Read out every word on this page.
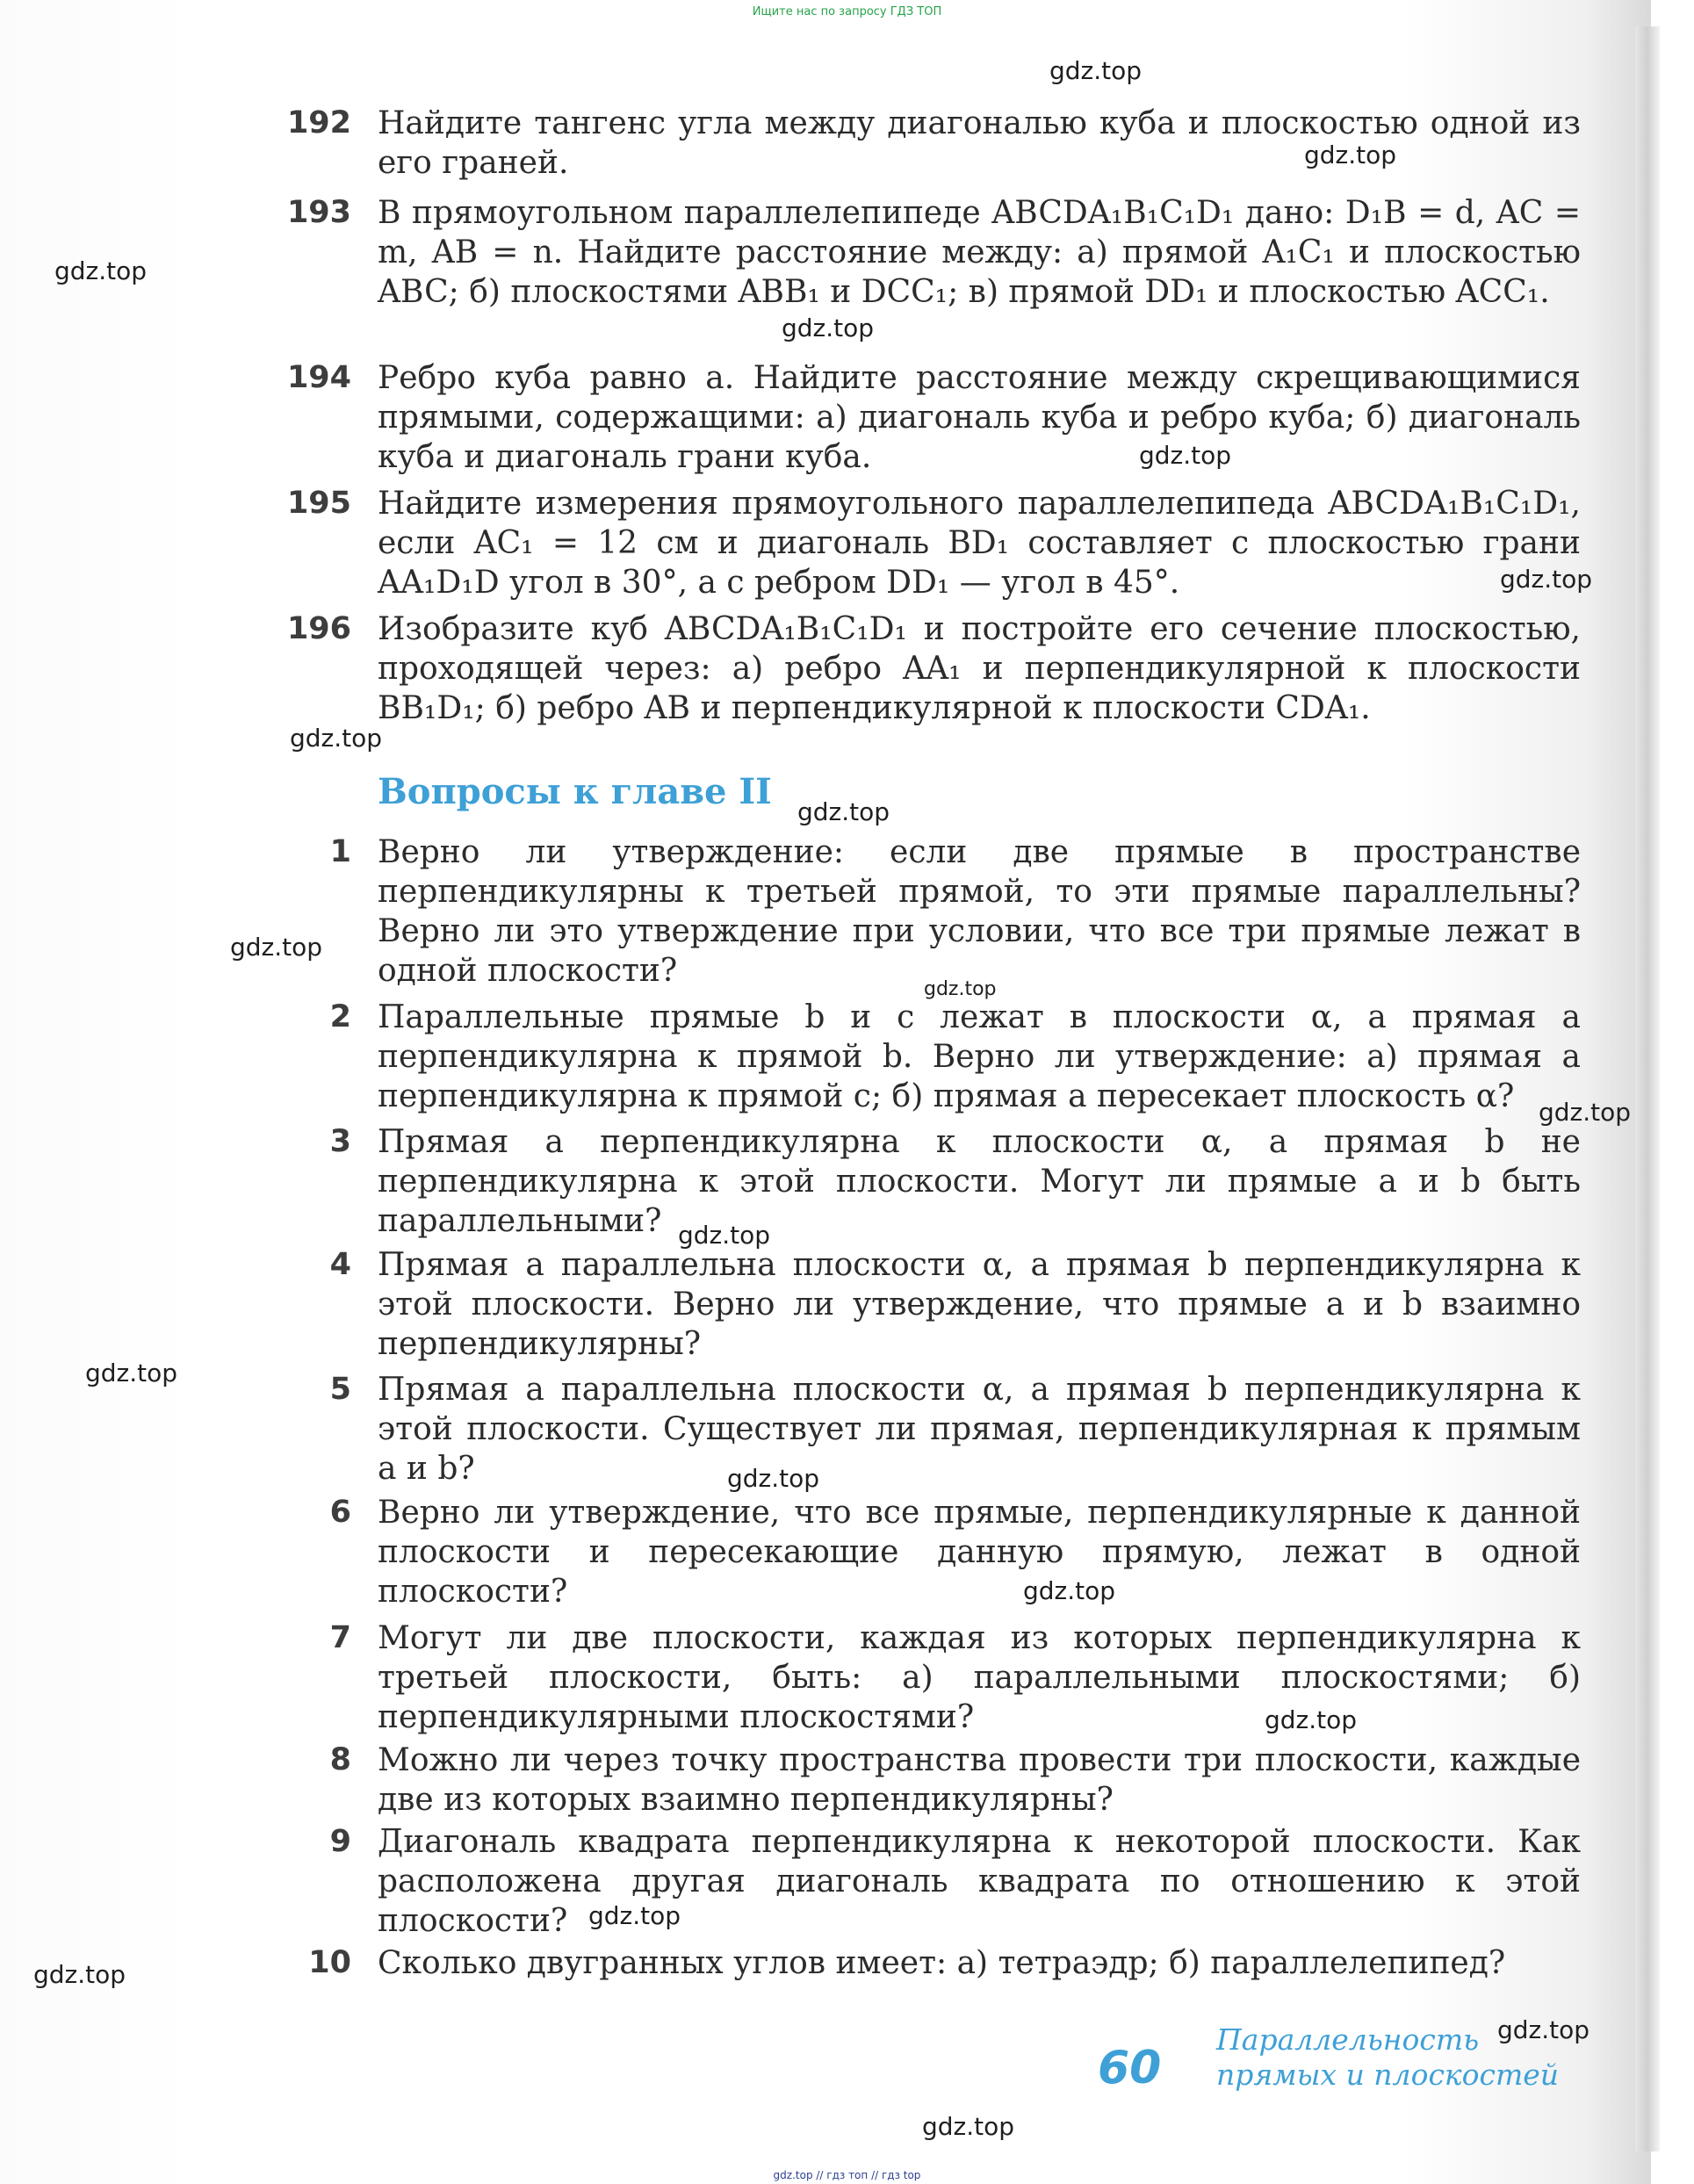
Ищите нас по запросу ГДЗ ТОП
192 Найдите тангенс угла между диагональю куба и плоскостью одной из его граней.
193 В прямоугольном параллелепипеде ABCDA₁B₁C₁D₁ дано: D₁B = d, AC = m, AB = n. Найдите расстояние между: а) прямой A₁C₁ и плоскостью ABC; б) плоскостями ABB₁ и DCC₁; в) прямой DD₁ и плоскостью ACC₁.
194 Ребро куба равно a. Найдите расстояние между скрещивающимися прямыми, содержащими: а) диагональ куба и ребро куба; б) диагональ куба и диагональ грани куба.
195 Найдите измерения прямоугольного параллелепипеда ABCDA₁B₁C₁D₁, если AC₁ = 12 см и диагональ BD₁ составляет с плоскостью грани AA₁D₁D угол в 30°, а с ребром DD₁ — угол в 45°.
196 Изобразите куб ABCDA₁B₁C₁D₁ и постройте его сечение плоскостью, проходящей через: а) ребро AA₁ и перпендикулярной к плоскости BB₁D₁; б) ребро AB и перпендикулярной к плоскости CDA₁.
Вопросы к главе II
1 Верно ли утверждение: если две прямые в пространстве перпендикулярны к третьей прямой, то эти прямые параллельны? Верно ли это утверждение при условии, что все три прямые лежат в одной плоскости?
2 Параллельные прямые b и c лежат в плоскости α, а прямая a перпендикулярна к прямой b. Верно ли утверждение: а) прямая a перпендикулярна к прямой c; б) прямая a пересекает плоскость α?
3 Прямая a перпендикулярна к плоскости α, а прямая b не перпендикулярна к этой плоскости. Могут ли прямые a и b быть параллельными?
4 Прямая a параллельна плоскости α, а прямая b перпендикулярна к этой плоскости. Верно ли утверждение, что прямые a и b взаимно перпендикулярны?
5 Прямая a параллельна плоскости α, а прямая b перпендикулярна к этой плоскости. Существует ли прямая, перпендикулярная к прямым a и b?
6 Верно ли утверждение, что все прямые, перпендикулярные к данной плоскости и пересекающие данную прямую, лежат в одной плоскости?
7 Могут ли две плоскости, каждая из которых перпендикулярна к третьей плоскости, быть: а) параллельными плоскостями; б) перпендикулярными плоскостями?
8 Можно ли через точку пространства провести три плоскости, каждые две из которых взаимно перпендикулярны?
9 Диагональ квадрата перпендикулярна к некоторой плоскости. Как расположена другая диагональ квадрата по отношению к этой плоскости?
10 Сколько двугранных углов имеет: а) тетраэдр; б) параллелепипед?
60
Параллельность
прямых и плоскостей
gdz.top
gdz.top
gdz.top
gdz.top
gdz.top
gdz.top
gdz.top
gdz.top
gdz.top
gdz.top
gdz.top
gdz.top
gdz.top
gdz.top
gdz.top
gdz.top
gdz.top
gdz.top
gdz.top
gdz.top
gdz.top // гдз топ // гдз top
